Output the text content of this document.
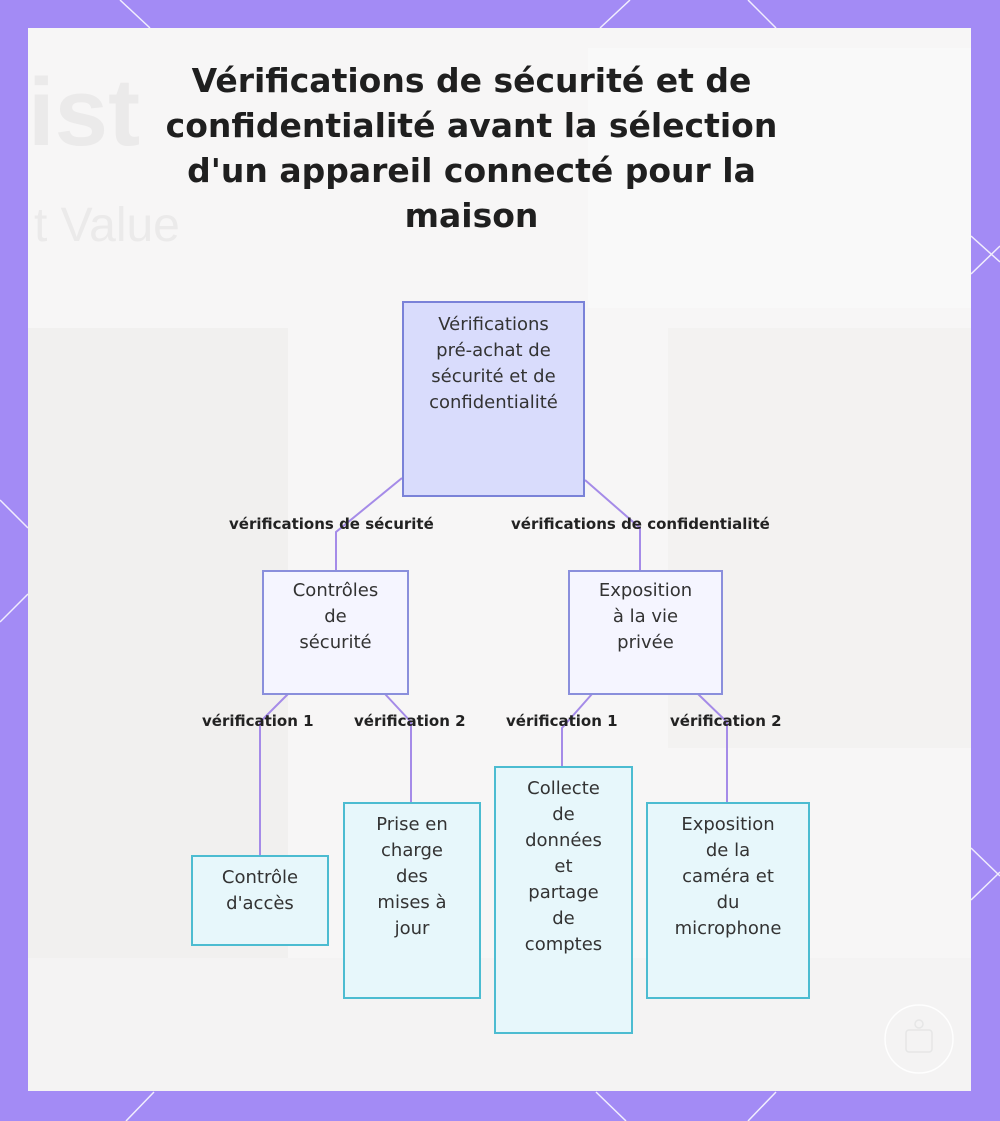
ist
t Value
Vérifications de sécurité et de confidentialité avant la sélection d'un appareil connecté pour la maison
Vérifications
pré-achat de
sécurité et de
confidentialité
Contrôles
de
sécurité
Exposition
à la vie
privée
Contrôle
d'accès
Prise en
charge
des
mises à
jour
Collecte
de
données
et
partage
de
comptes
Exposition
de la
caméra et
du
microphone
vérifications de sécurité	vérifications de confidentialité
vérification 1	vérification 2	vérification 1	vérification 2
